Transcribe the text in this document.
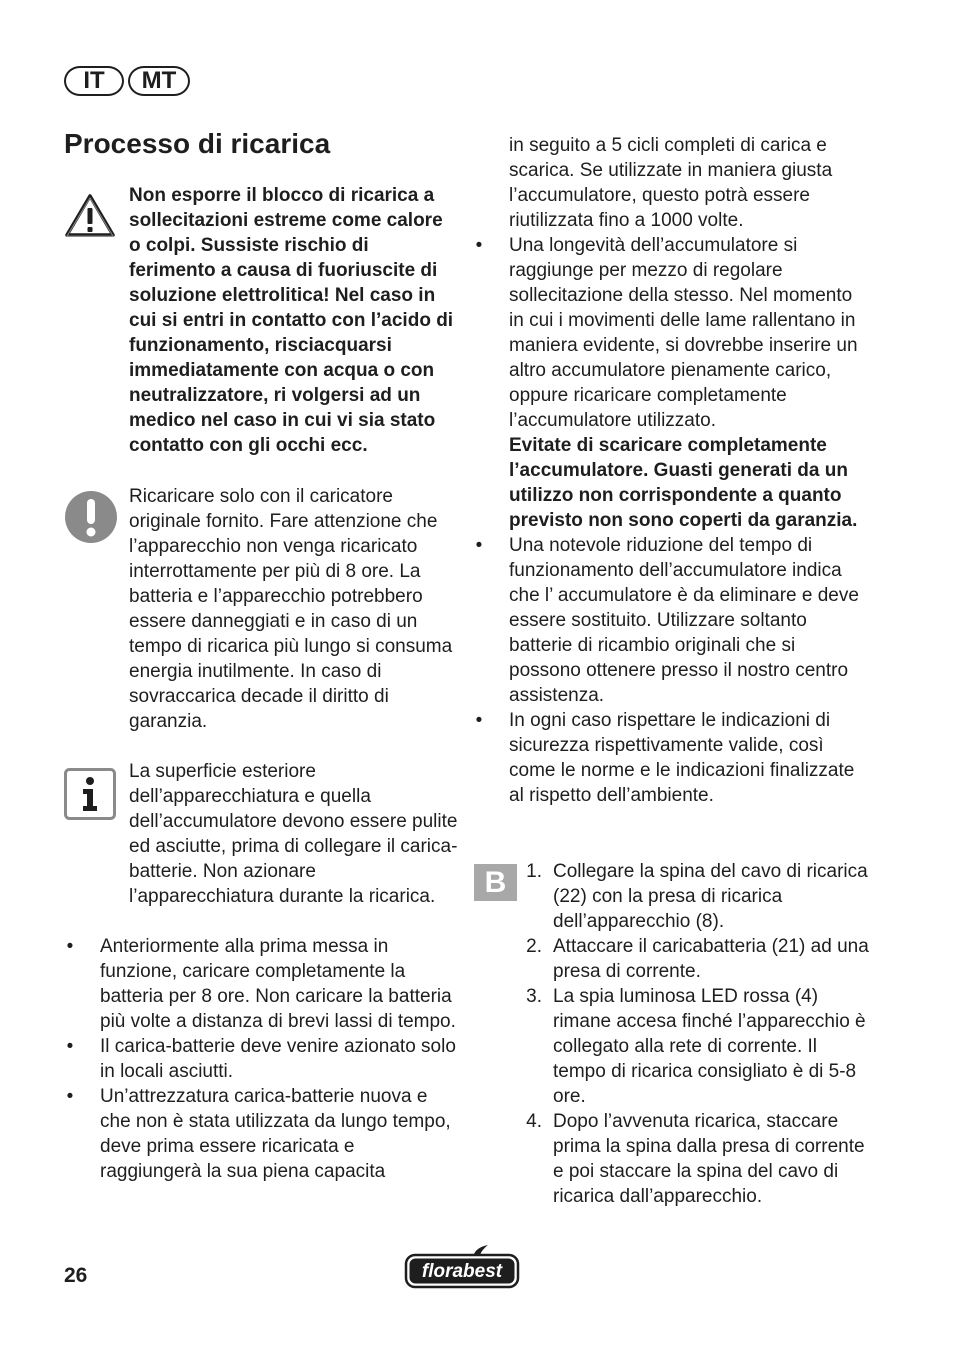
IT	MT
Processo di ricarica

Non esporre il blocco di ricarica a sollecitazioni estreme come calore o colpi. Sussiste rischio di ferimento a causa di fuoriuscite di soluzione elettrolitica! Nel caso in cui si entri in contatto con l’acido di funzionamento, risciacquarsi immediatamente con acqua o con neutralizzatore, ri volgersi ad un medico nel caso in cui vi sia stato contatto con gli occhi ecc.

Ricaricare solo con il caricatore originale fornito. Fare attenzione che l’apparecchio non venga ricaricato interrottamente per più di 8 ore. La batteria e l’apparecchio potrebbero essere danneggiati e in caso di un tempo di ricarica più lungo si consuma energia inutilmente. In caso di sovraccarica decade il diritto di garanzia.

La superficie esteriore dell’apparecchiatura e quella dell’accumulatore devono essere pulite ed asciutte, prima di collegare il carica-batterie. Non azionare l’apparecchiatura durante la ricarica.

• Anteriormente alla prima messa in funzione, caricare completamente la batteria per 8 ore. Non caricare la batteria più volte a distanza di brevi lassi di tempo.
• Il carica-batterie deve venire azionato solo in locali asciutti.
• Un’attrezzatura carica-batterie nuova e che non è stata utilizzata da lungo tempo, deve prima essere ricaricata e raggiungerà la sua piena capacita

in seguito a 5 cicli completi di carica e scarica. Se utilizzate in maniera giusta l’accumulatore, questo potrà essere riutilizzata fino a 1000 volte.

• Una longevità dell’accumulatore si raggiunge per mezzo di regolare sollecitazione della stesso. Nel momento in cui i movimenti delle lame rallentano in maniera evidente, si dovrebbe inserire un altro accumulatore pienamente carico, oppure ricaricare completamente l’accumulatore utilizzato.
Evitate di scaricare completamente l’accumulatore. Guasti generati da un utilizzo non corrispondente a quanto previsto non sono coperti da garanzia.
• Una notevole riduzione del tempo di funzionamento dell’accumulatore indica che l’ accumulatore è da eliminare e deve essere sostituito. Utilizzare soltanto batterie di ricambio originali che si possono ottenere presso il nostro centro assistenza.
• In ogni caso rispettare le indicazioni di sicurezza rispettivamente valide, così come le norme e le indicazioni finalizzate al rispetto dell’ambiente.
B	1. Collegare la spina del cavo di ricarica (22) con la presa di ricarica dell’apparecchio (8).
2. Attaccare il caricabatteria (21) ad una presa di corrente.
3. La spia luminosa LED rossa (4) rimane accesa finché l’apparecchio è collegato alla rete di corrente. Il tempo di ricarica consigliato è di 5-8 ore.
4. Dopo l’avvenuta ricarica, staccare prima la spina dalla presa di corrente e poi staccare la spina del cavo di ricarica dall’apparecchio.
26	florabest
